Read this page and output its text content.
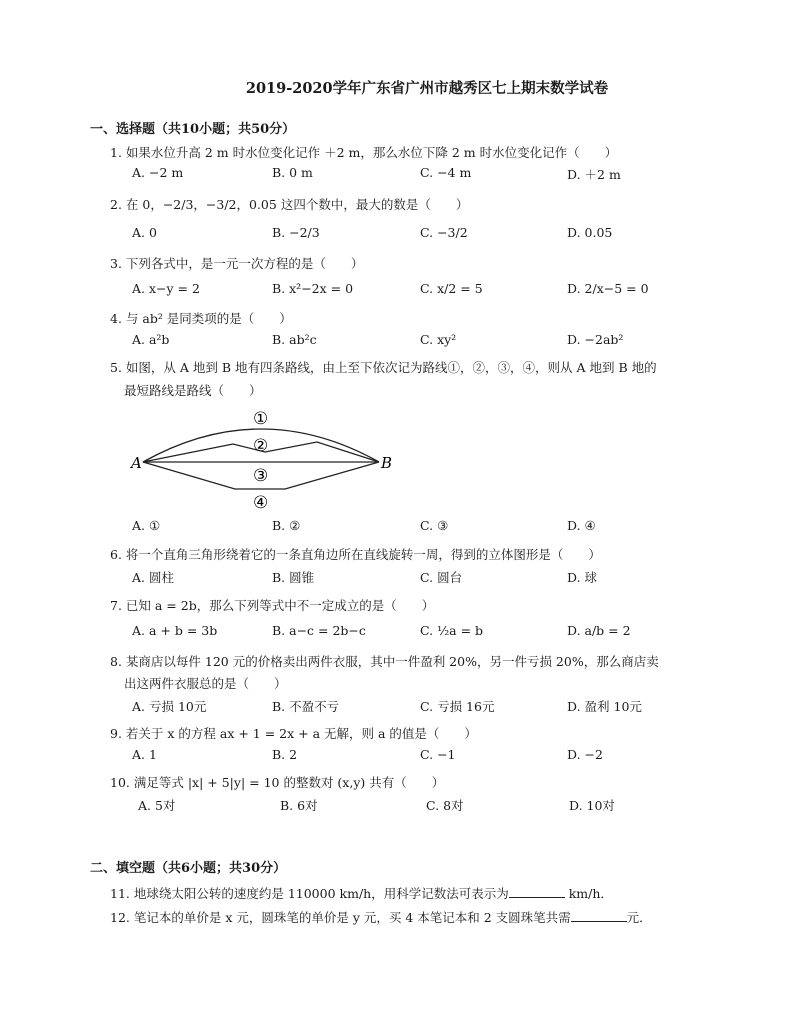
2019-2020学年广东省广州市越秀区七上期末数学试卷
一、选择题（共10小题；共50分）
1. 如果水位升高 2 m 时水位变化记作 ＋2 m，那么水位下降 2 m 时水位变化记作（　　）
A. −2 m	B. 0 m	C. −4 m	D. ＋2 m
2. 在 0，−2/3，−3/2，0.05 这四个数中，最大的数是（　　）
A. 0	B. −2/3	C. −3/2	D. 0.05
3. 下列各式中，是一元一次方程的是（　　）
A. x−y = 2	B. x²−2x = 0	C. x/2 = 5	D. 2/x−5 = 0
4. 与 ab² 是同类项的是（　　）
A. a²b	B. ab²c	C. xy²	D. −2ab²
5. 如图，从 A 地到 B 地有四条路线，由上至下依次记为路线①，②，③，④，则从 A 地到 B 地的
最短路线是路线（　　）
A	B
①
②
③
④
A. ①	B. ②	C. ③	D. ④
6. 将一个直角三角形绕着它的一条直角边所在直线旋转一周，得到的立体图形是（　　）
A. 圆柱	B. 圆锥	C. 圆台	D. 球
7. 已知 a = 2b，那么下列等式中不一定成立的是（　　）
A. a + b = 3b	B. a−c = 2b−c	C. ½a = b	D. a/b = 2
8. 某商店以每件 120 元的价格卖出两件衣服，其中一件盈利 20%，另一件亏损 20%，那么商店卖
出这两件衣服总的是（　　）
A. 亏损 10元	B. 不盈不亏	C. 亏损 16元	D. 盈利 10元
9. 若关于 x 的方程 ax + 1 = 2x + a 无解，则 a 的值是（　　）
A. 1	B. 2	C. −1	D. −2
10. 满足等式 |x| + 5|y| = 10 的整数对 (x,y) 共有（　　）
A. 5对	B. 6对	C. 8对	D. 10对
二、填空题（共6小题；共30分）
11. 地球绕太阳公转的速度约是 110000 km/h，用科学记数法可表示为	km/h．
12. 笔记本的单价是 x 元，圆珠笔的单价是 y 元，买 4 本笔记本和 2 支圆珠笔共需	元．
